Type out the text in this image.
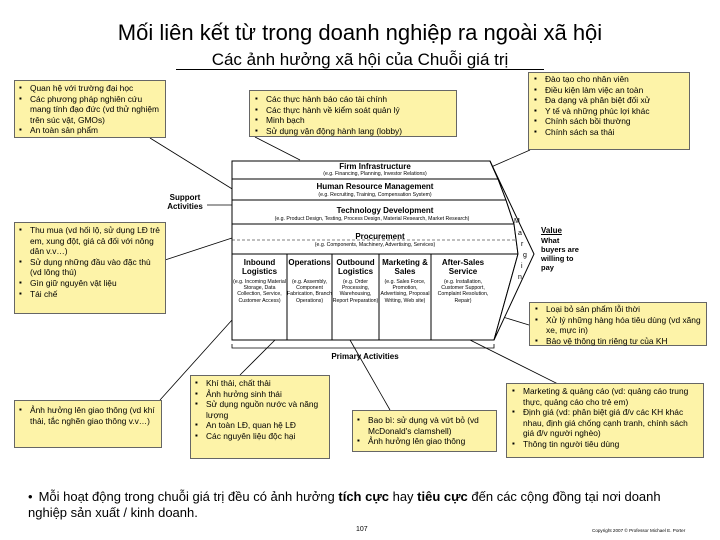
Mối liên kết từ trong doanh nghiệp ra ngoài xã hội
Các ảnh hưởng xã hội của Chuỗi giá trị
Support Activities
Firm Infrastructure
(e.g. Financing, Planning, Investor Relations)
Human Resource Management
(e.g. Recruiting, Training, Compensation System)
Technology Development
(e.g. Product Design, Testing, Process Design, Material Research, Market Research)
Procurement
(e.g. Components, Machinery, Advertising, Services)
Inbound Logistics
(e.g. Incoming Material Storage, Data Collection, Service, Customer Access)
Operations
(e.g. Assembly, Component Fabrication, Branch Operations)
Outbound Logistics
(e.g. Order Processing, Warehousing, Report Preparation)
Marketing & Sales
(e.g. Sales Force, Promotion, Advertising, Proposal Writing, Web site)
After-Sales Service
(e.g. Installation, Customer Support, Complaint Resolution, Repair)
Primary Activities
M
a
r
g
i
n
Value
What buyers are willing to pay
▪ Quan hệ với trường đại học
▪ Các phương pháp nghiên cứu mang tính đạo đức (vd thử nghiệm trên súc vật, GMOs)
▪ An toàn sản phẩm
▪ Các thực hành báo cáo tài chính
▪ Các thực hành về kiểm soát quản lý
▪ Minh bạch
▪ Sử dụng vận động hành lang (lobby)
▪ Đào tạo cho nhân viên
▪ Điều kiện làm việc an toàn
▪ Đa dạng và phân biệt đối xử
▪ Y tế và những phúc lợi khác
▪ Chính sách bồi thường
▪ Chính sách sa thải
▪ Thu mua (vd hối lộ, sử dụng LĐ trẻ em, xung đột, giá cả đối với nông dân v.v…)
▪ Sử dụng những đầu vào đặc thù (vd lông thú)
▪ Gìn giữ nguyên vật liệu
▪ Tái chế
▪ Loại bỏ sản phẩm lỗi thời
▪ Xử lý những hàng hóa tiêu dùng (vd xăng xe, mực in)
▪ Bảo vệ thông tin riêng tư của KH
▪ Ảnh hưởng lên giao thông (vd khí thải, tắc nghẽn giao thông v.v…)
▪ Khí thải, chất thải
▪ Ảnh hưởng sinh thái
▪ Sử dụng nguồn nước và năng lượng
▪ An toàn LĐ, quan hệ LĐ
▪ Các nguyên liệu độc hại
▪ Bao bì: sử dụng và vứt bỏ (vd McDonald's clamshell)
▪ Ảnh hưởng lên giao thông
▪ Marketing & quảng cáo (vd: quảng cáo trung thực, quảng cáo cho trẻ em)
▪ Định giá (vd: phân biệt giá đ/v các KH khác nhau, định giá chống cạnh tranh, chính sách giá đ/v người nghèo)
▪ Thông tin người tiêu dùng
• Mỗi hoạt động trong chuỗi giá trị đều có ảnh hưởng tích cực hay tiêu cực đến các cộng đồng tại nơi doanh nghiệp sản xuất / kinh doanh.
107	Copyright 2007 © Professor Michael E. Porter
